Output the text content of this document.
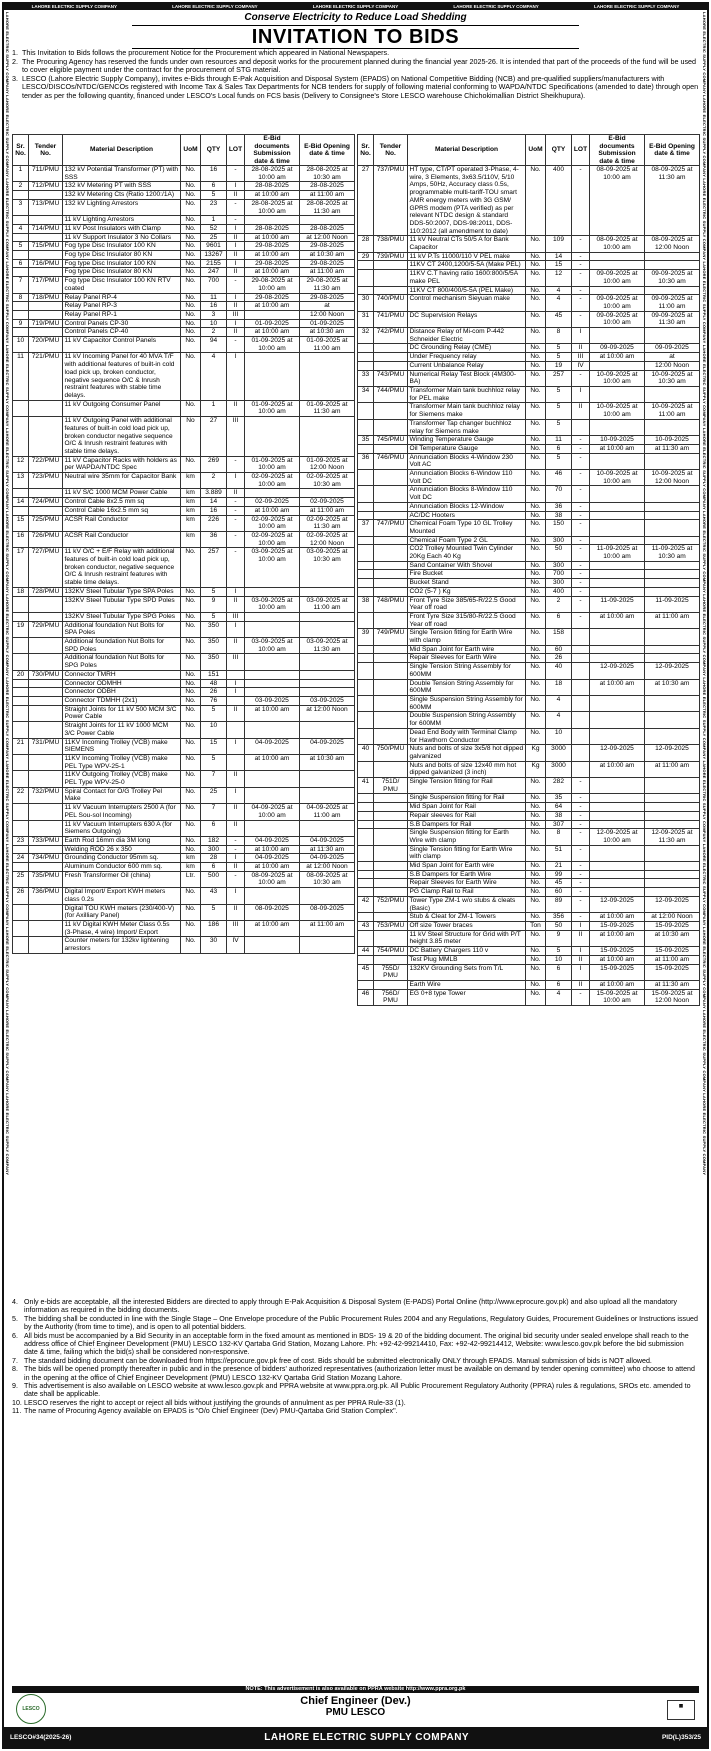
LAHORE ELECTRIC SUPPLY COMPANY	LAHORE ELECTRIC SUPPLY COMPANY	LAHORE ELECTRIC SUPPLY COMPANY	LAHORE ELECTRIC SUPPLY COMPANY	LAHORE ELECTRIC SUPPLY COMPANY
LAHORE ELECTRIC SUPPLY COMPANY LAHORE ELECTRIC SUPPLY COMPANY LAHORE ELECTRIC SUPPLY COMPANY LAHORE ELECTRIC SUPPLY COMPANY LAHORE ELECTRIC SUPPLY COMPANY LAHORE ELECTRIC SUPPLY COMPANY LAHORE ELECTRIC SUPPLY COMPANY LAHORE ELECTRIC SUPPLY COMPANY LAHORE ELECTRIC SUPPLY COMPANY LAHORE ELECTRIC SUPPLY COMPANY LAHORE ELECTRIC SUPPLY COMPANY LAHORE ELECTRIC SUPPLY COMPANY LAHORE ELECTRIC SUPPLY COMPANY LAHORE ELECTRIC SUPPLY COMPANY	LAHORE ELECTRIC SUPPLY COMPANY LAHORE ELECTRIC SUPPLY COMPANY LAHORE ELECTRIC SUPPLY COMPANY LAHORE ELECTRIC SUPPLY COMPANY LAHORE ELECTRIC SUPPLY COMPANY LAHORE ELECTRIC SUPPLY COMPANY LAHORE ELECTRIC SUPPLY COMPANY LAHORE ELECTRIC SUPPLY COMPANY LAHORE ELECTRIC SUPPLY COMPANY LAHORE ELECTRIC SUPPLY COMPANY LAHORE ELECTRIC SUPPLY COMPANY LAHORE ELECTRIC SUPPLY COMPANY LAHORE ELECTRIC SUPPLY COMPANY LAHORE ELECTRIC SUPPLY COMPANY
Conserve Electricity to Reduce Load Shedding
INVITATION TO BIDS

1. This Invitation to Bids follows the procurement Notice for the Procurement which appeared in National Newspapers.

2. The Procuring Agency has reserved the funds under own resources and deposit works for the procurement planned during the financial year 2025-26. It is intended that part of the proceeds of the fund will be used to cover eligible payment under the contract for the procurement of STG material.

3. LESCO (Lahore Electric Supply Company), invites e-Bids through E-Pak Acquisition and Disposal System (EPADS) on National Competitive Bidding (NCB) and pre-qualified suppliers/manufacturers with LESCO/DISCOs/NTDC/GENCOs registered with Income Tax & Sales Tax Departments for NCB tenders for supply of following material conforming to WAPDA/NTDC Specifications (amended to date) through open tender as per the following quantity, financed under LESCO's Local funds on FCS basis (Delivery to Consignee's Store LESCO warehouse Chichokimallian District Sheikhupura).

Sr. No.	Tender No.	Material Description	UoM	QTY	LOT	E-Bid documents Submission date & time	E-Bid Opening date & time
1	711/PMU	132 kV Potential Transformer (PT) with SSS	No.	16	-	28-08-2025 at 10:00 am	28-08-2025 at 10:30 am
2	712/PMU	132 kV Metering PT with SSS	No.	6	I	28-08-2025	28-08-2025
		132 kV Metering Cts (Ratio 1200:/1A)	No.	5	II	at 10:00 am	at 11:00 am
3	713/PMU	132 kV Lighting Arrestors	No.	23	-	28-08-2025 at 10:00 am	28-08-2025 at 11:30 am
		11 kV Lighting Arrestors	No.	1	-		
4	714/PMU	11 kV Post Insulators with Clamp	No.	52	I	28-08-2025	28-08-2025
		11 kV Support Insulator 3 No Collars	No.	25	II	at 10:00 am	at 12:00 Noon
5	715/PMU	Fog type Disc Insulator 100 KN	No.	9601	I	29-08-2025	29-08-2025
		Fog type Disc Insulator 80 KN	No.	13267	II	at 10:00 am	at 10:30 am
6	716/PMU	Fog type Disc Insulator 100 KN	No.	2155	I	29-08-2025	29-08-2025
		Fog type Disc Insulator 80 KN	No.	247	II	at 10:00 am	at 11:00 am
7	717/PMU	Fog type Disc Insulator 100 KN RTV coated	No.	700	-	29-08-2025 at 10:00 am	29-08-2025 at 11:30 am
8	718/PMU	Relay Panel RP-4	No.	11	I	29-08-2025	29-08-2025
		Relay Panel RP-3	No.	16	II	at 10:00 am	at
		Relay Panel RP-1	No.	3	III		12:00 Noon
9	719/PMU	Control Panels CP-30	No.	10	I	01-09-2025	01-09-2025
		Control Panels CP-40	No.	2	II	at 10:00 am	at 10:30 am
10	720/PMU	11 kV Capacitor Control Panels	No.	94	-	01-09-2025 at 10:00 am	01-09-2025 at 11:00 am
11	721/PMU	11 kV Incoming Panel for 40 MVA T/F with additional features of built-in cold load pick up, broken conductor, negative sequence O/C & Inrush restraint features with stable time delays.	No.	4	I		
		11 kV Outgoing Consumer Panel	No.	1	II	01-09-2025 at 10:00 am	01-09-2025 at 11:30 am
		11 kV Outgoing Panel with additional features of built-in cold load pick up, broken conductor negative sequence O/C & Inrush restraint features with stable time delays.	No	27	III		
12	722/PMU	11 kV Capacitor Racks with holders as per WAPDA/NTDC Spec	No.	269	-	01-09-2025 at 10:00 am	01-09-2025 at 12:00 Noon
13	723/PMU	Neutral wire 35mm for Capacitor Bank	km	2	I	02-09-2025 at 10:00 am	02-09-2025 at 10:30 am
		11 kV S/C 1000 MCM Power Cable	km	3.889	II		
14	724/PMU	Control Cable 8x2.5 mm sq	km	14	-	02-09-2025	02-09-2025
		Control Cable 16x2.5 mm sq	km	16	-	at 10:00 am	at 11:00 am
15	725/PMU	ACSR Rail Conductor	km	226	-	02-09-2025 at 10:00 am	02-09-2025 at 11:30 am
16	726/PMU	ACSR Rail Conductor	km	36	-	02-09-2025 at 10:00 am	02-09-2025 at 12:00 Noon
17	727/PMU	11 kV O/C + E/F Relay with additional features of built-in cold load pick up, broken conductor, negative sequence O/C & Inrush restraint features with stable time delays.	No.	257	-	03-09-2025 at 10:00 am	03-09-2025 at 10:30 am
18	728/PMU	132KV Steel Tubular Type SPA Poles	No.	5	I		
		132KV Steel Tubular Type SPD Poles	No.	9	II	03-09-2025 at 10:00 am	03-09-2025 at 11:00 am
		132KV Steel Tubular Type SPG Poles	No.	5	III		
19	729/PMU	Additional foundation Nut Bolts for SPA Poles	No.	350	I		
		Additional foundation Nut Bolts for SPD Poles	No.	350	II	03-09-2025 at 10:00 am	03-09-2025 at 11:30 am
		Additional foundation Nut Bolts for SPG Poles	No.	350	III		
20	730/PMU	Connector TMRH	No.	151			
		Connector ODMHH	No.	48	I		
		Connector ODBH	No.	26	I		
		Connector TDMHH (2x1)	No.	76		03-09-2025	03-09-2025
		Straight Joints for 11 kV 500 MCM 3/C Power Cable	No.	5	II	at 10:00 am	at 12:00 Noon
		Straight Joints for 11 kV 1000 MCM 3/C Power Cable	No.	10			
21	731/PMU	11KV Incoming Trolley (VCB) make SIEMENS	No.	15	I	04-09-2025	04-09-2025
		11KV Incoming Trolley (VCB) make PEL Type WPV-25-1	No.	5		at 10:00 am	at 10:30 am
		11KV Outgoing Trolley (VCB) make PEL Type WPV-25-0	No.	7	II		
22	732/PMU	Spiral Contact for O/G Trolley Pel Make	No.	25	I		
		11 kV Vacuum Interrupters 2500 A (for PEL Sou-sol Incoming)	No.	7	II	04-09-2025 at 10:00 am	04-09-2025 at 11:00 am
		11 kV Vacuum Interrupters 630 A (for Siemens Outgoing)	No.	6	II		
23	733/PMU	Earth Rod 16mm dia 3M long	No.	182	-	04-09-2025	04-09-2025
		Welding ROD 26 x 350	No.	300	-	at 10:00 am	at 11:30 am
24	734/PMU	Grounding Conductor 95mm sq.	km	28	I	04-09-2025	04-09-2025
		Aluminum Conductor 600 mm sq.	km	6	II	at 10:00 am	at 12:00 Noon
25	735/PMU	Fresh Transformer Oil (china)	Ltr.	500	-	08-09-2025 at 10:00 am	08-09-2025 at 10:30 am
26	736/PMU	Digital Import/ Export KWH meters class 0.2s	No.	43	I		
		Digital TOU KWH meters (230/400-V) (for Axilliary Panel)	No.	5	II	08-09-2025	08-09-2025
		11 kV Digital KWH Meter Class 0.5s (3-Phase, 4 wire) Import/ Export	No.	186	III	at 10:00 am	at 11:00 am
		Counter meters for 132kv lightening arrestors	No.	30	IV		
Sr. No.	Tender No.	Material Description	UoM	QTY	LOT	E-Bid documents Submission date & time	E-Bid Opening date & time
27	737/PMU	HT type, CT/PT operated 3-Phase, 4-wire, 3 Elements, 3x63.5/110V, 5/10 Amps, 50Hz, Accuracy class 0.5s, programmable multi-tariff-TOU smart AMR energy meters with 3G GSM/ GPRS modem (PTA verified) as per relevant NTDC design & standard DDS-50:2007, DDS-98:2011, DDS-110:2012 (all amendment to date)	No.	400	-	08-09-2025 at 10:00 am	08-09-2025 at 11:30 am
28	738/PMU	11 kV Neutral CTs 50/5 A for Bank Capacitor	No.	109	-	08-09-2025 at 10:00 am	08-09-2025 at 12:00 Noon
29	739/PMU	11 kV P.Ts 11000/110 V PEL make	No.	14	-		
		11KV CT 2400,1200/5-5A (Make PEL)	No.	15	-		
		11KV C.T having ratio 1600:800/5/5A make PEL	No.	12	-	09-09-2025 at 10:00 am	09-09-2025 at 10:30 am
		11KV CT 800/400/5-5A (PEL Make)	No.	4	-		
30	740/PMU	Control mechanism Sieyuan make	No.	4	-	09-09-2025 at 10:00 am	09-09-2025 at 11:00 am
31	741/PMU	DC Supervision Relays	No.	45	-	09-09-2025 at 10:00 am	09-09-2025 at 11:30 am
32	742/PMU	Distance Relay of Mi-com P-442 Schneider Electric	No.	8	I		
		DC Grounding Relay (CME)	No.	5	II	09-09-2025	09-09-2025
		Under Frequency relay	No.	5	III	at 10:00 am	at
		Current Unbalance Relay	No.	19	IV		12:00 Noon
33	743/PMU	Numerical Relay Test Block (4M300-BA)	No.	257	-	10-09-2025 at 10:00 am	10-09-2025 at 10:30 am
34	744/PMU	Transformer Main tank buchhloz relay for PEL make	No.	5	I		
		Transformer Main tank buchhloz relay for Siemens make	No.	5	II	10-09-2025 at 10:00 am	10-09-2025 at 11:00 am
		Transformer Tap changer buchhloz relay for Siemens make	No.	5			
35	745/PMU	Winding Temperature Gauge	No.	11	-	10-09-2025	10-09-2025
		Oil Temperature Gauge	No.	6	-	at 10:00 am	at 11:30 am
36	746/PMU	Annunciation Blocks 4-Window 230 Volt AC	No.	5	-		
		Annunciation Blocks 6-Window 110 Volt DC	No.	46	-	10-09-2025 at 10:00 am	10-09-2025 at 12:00 Noon
		Annunciation Blocks 8-Window 110 Volt DC	No.	70	-		
		Annunciation Blocks 12-Window	No.	36	-		
		AC/DC Hooters	No.	38	-		
37	747/PMU	Chemical Foam Type 10 GL Trolley Mounted	No.	150	-		
		Chemical Foam Type 2 GL	No.	300	-		
		CO2 Trolley Mounted Twin Cylinder 20Kg Each 40 Kg	No.	50	-	11-09-2025 at 10:00 am	11-09-2025 at 10:30 am
		Sand Container With Shovel	No.	300	-		
		Fire Bucket	No.	700	-		
		Bucket Stand	No.	300	-		
		CO2 (5-7 ) Kg	No.	400	-		
38	748/PMU	Front Tyre Size 385/65-R/22.5 Good Year off road	No.	2	-	11-09-2025	11-09-2025
		Front Tyre Size 315/80-R/22.5 Good Year off road	No.	6	-	at 10:00 am	at 11:00 am
39	749/PMU	Single Tension fitting for Earth Wire with clamp	No.	158			
		Mid Span Joint for Earth wire	No.	60			
		Repair Sleeves for Earth Wire	No.	26			
		Single Tension String Assembly for 600MM	No.	40		12-09-2025	12-09-2025
		Double Tension String Assembly for 600MM	No.	18		at 10:00 am	at 10:30 am
		Single Suspension String Assembly for 600MM	No.	4			
		Double Suspension String Assembly for 600MM	No.	4			
		Dead End Body with Terminal Clamp for Hawthorn Conductor	No.	10			
40	750/PMU	Nuts and bolts of size 3x5/8 hot dipped galvanized	Kg	3000		12-09-2025	12-09-2025
		Nuts and bolts of size 12x40 mm hot dipped galvanized (3 inch)	Kg	3000		at 10:00 am	at 11:00 am
41	751D/ PMU	Single Tension fitting for Rail	No.	282	-		
		Single Suspension fitting for Rail	No.	35	-		
		Mid Span Joint for Rail	No.	64	-		
		Repair sleeves for Rail	No.	38	-		
		S.B Dampers for Rail	No.	307	-		
		Single Suspension fitting for Earth Wire with clamp	No.	8	-	12-09-2025 at 10:00 am	12-09-2025 at 11:30 am
		Single Tension fitting for Earth Wire with clamp	No.	51	-		
		Mid Span Joint for Earth wire	No.	21	-		
		S.B Dampers for Earth Wire	No.	99	-		
		Repair Sleeves for Earth Wire	No.	45	-		
		PG Clamp Rail to Rail	No.	60	-		
42	752/PMU	Tower Type ZM-1 w/o stubs & cleats (Basic)	No.	89	-	12-09-2025	12-09-2025
		Stub & Cleat for ZM-1 Towers	No.	356	-	at 10:00 am	at 12:00 Noon
43	753/PMU	Off size Tower braces	Ton	50	I	15-09-2025	15-09-2025
		11 kV Steel Structure for Grid with P/T height 3.85 meter	No.	9	II	at 10:00 am	at 10:30 am
44	754/PMU	DC Battery Chargers 110 v	No.	5	I	15-09-2025	15-09-2025
		Test Plug MMLB	No.	10	II	at 10:00 am	at 11:00 am
45	755D/ PMU	132KV Grounding Sets from T/L	No.	6	I	15-09-2025	15-09-2025
		Earth Wire	No.	6	II	at 10:00 am	at 11:30 am
46	756D/ PMU	EG 0+8 type Tower	No.	4	-	15-09-2025 at 10:00 am	15-09-2025 at 12:00 Noon

4. Only e-bids are acceptable, all the interested Bidders are directed to apply through E-Pak Acquisition & Disposal System (E-PADS) Portal Online (http://www.eprocure.gov.pk) and also upload all the mandatory information as required in the bidding documents.

5. The bidding shall be conducted in line with the Single Stage – One Envelope procedure of the Public Procurement Rules 2004 and any Regulations, Regulatory Guides, Procurement Guidelines or Instructions issued by the Authority (from time to time), and is open to all potential bidders.

6. All bids must be accompanied by a Bid Security in an acceptable form in the fixed amount as mentioned in BDS- 19 & 20 of the bidding document. The original bid security under sealed envelope shall reach to the address office of Chief Engineer Development (PMU) LESCO 132-KV Qartaba Grid Station, Mozang Lahore. Ph: +92-42-99214410, Fax: +92-42-99214412, Website: www.lesco.gov.pk before the bid submission date & time, failing which the bid(s) shall be considered non-responsive.

7. The standard bidding document can be downloaded from https://eprocure.gov.pk free of cost. Bids should be submitted electronically ONLY through EPADS. Manual submission of bids is NOT allowed.

8. The bids will be opened promptly thereafter in public and in the presence of bidders' authorized representatives (authorization letter must be available on demand by tender opening committee) who choose to attend in the opening at the office of Chief Engineer Development (PMU) LESCO 132-KV Qartaba Grid Station Mozang Lahore.

9. This advertisement is also available on LESCO website at www.lesco.gov.pk and PPRA website at www.ppra.org.pk. All Public Procurement Regulatory Authority (PPRA) rules & regulations, SROs etc. amended to date shall be applicable.

10. LESCO reserves the right to accept or reject all bids without justifying the grounds of annulment as per PPRA Rule-33 (1).

11. The name of Procuring Agency available on EPADS is "O/o Chief Engineer (Dev) PMU-Qartaba Grid Station Complex".

NOTE: This advertisement is also available on PPRA website http://www.ppra.org.pk
LESCO
Chief Engineer (Dev.)
PMU LESCO
▦
LESCO#34(2025-26)	LAHORE ELECTRIC SUPPLY COMPANY	PID(L)353/25
